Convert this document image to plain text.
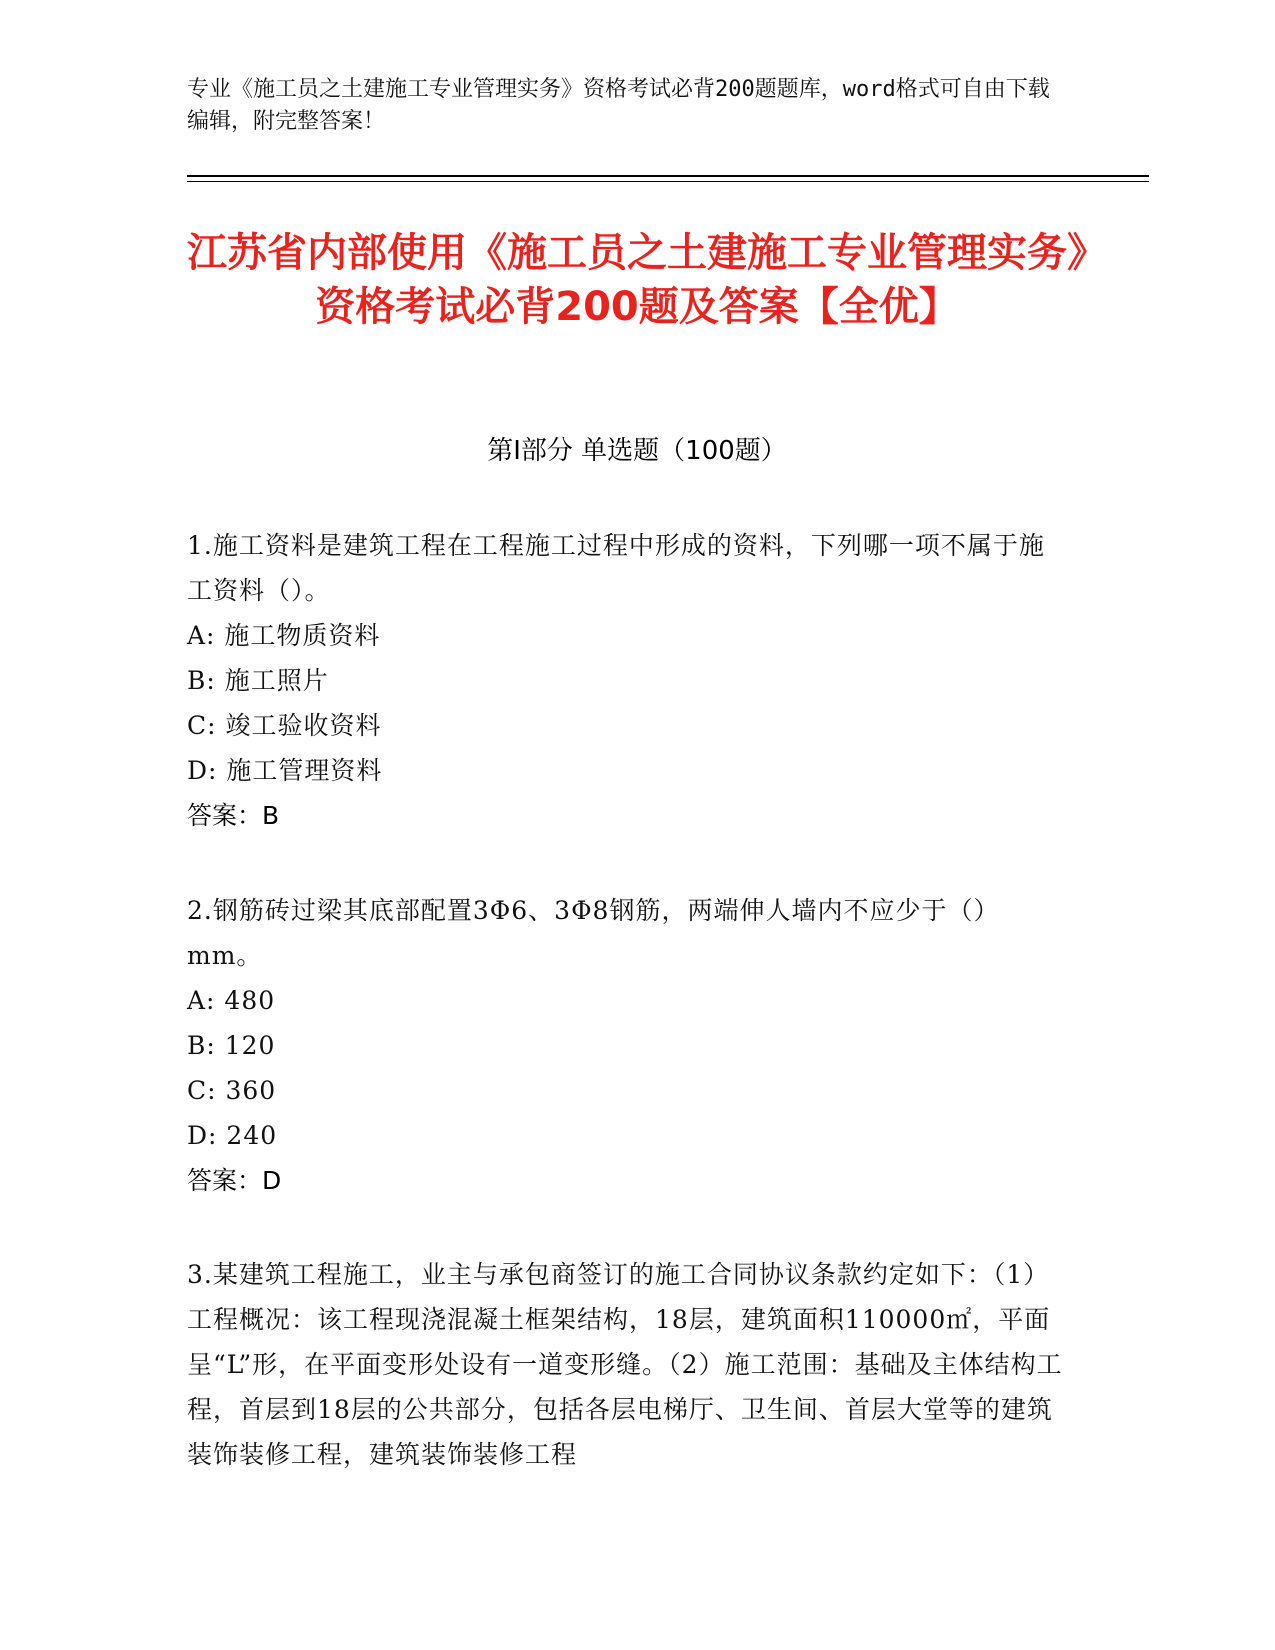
专业《施工员之土建施工专业管理实务》资格考试必背200题题库，word格式可自由下载编辑，附完整答案！
江苏省内部使用《施工员之土建施工专业管理实务》资格考试必背200题及答案【全优】
第I部分 单选题（100题）
1.施工资料是建筑工程在工程施工过程中形成的资料，下列哪一项不属于施工资料（）。
A: 施工物质资料
B: 施工照片
C: 竣工验收资料
D: 施工管理资料
答案：B
2.钢筋砖过梁其底部配置3Φ6、3Φ8钢筋，两端伸人墙内不应少于（）mm。
A: 480
B: 120
C: 360
D: 240
答案：D
3.某建筑工程施工，业主与承包商签订的施工合同协议条款约定如下：（1）工程概况：该工程现浇混凝土框架结构，18层，建筑面积110000㎡，平面呈“L”形，在平面变形处设有一道变形缝。（2）施工范围：基础及主体结构工程，首层到18层的公共部分，包括各层电梯厅、卫生间、首层大堂等的建筑装饰装修工程，建筑装饰装修工程
